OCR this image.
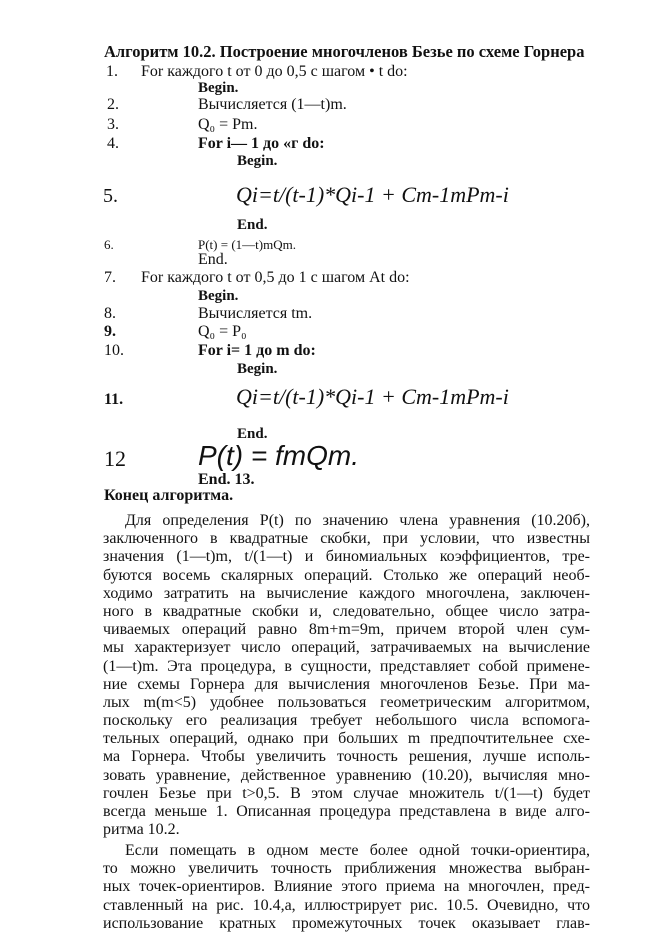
Алгоритм 10.2. Построение многочленов Безье по схеме Горнера
1. For каждого t от 0 до 0,5 с шагом • t do:
Begin.
2.	Вычисляется (1—t)m.
3.	Q₀ = Pm.
4.	For i— 1 до «г do:
Begin.
5.	Qi=t/(t-1)*Qi-1 + Cm-1mPm-i
End.
6.	P(t) = (1—t)mQm.
End.
7. For каждого t от 0,5 до 1 с шагом At do:
Begin.
8.	Вычисляется tm.
9.	Q₀ = P₀
10.	For i= 1 до m do:
Begin.
11.	Qi=t/(t-1)*Qi-1 + Cm-1mPm-i
End.
12	P(t) = fmQm.
End. 13.
Конец алгоритма.
Для определения P(t) по значению члена уравнения (10.20б),
заключенного в квадратные скобки, при условии, что известны
значения (1—t)m, t/(1—t) и биномиальных коэффициентов, тре-
буются восемь скалярных операций. Столько же операций необ-
ходимо затратить на вычисление каждого многочлена, заключен-
ного в квадратные скобки и, следовательно, общее число затра-
чиваемых операций равно 8m+m=9m, причем второй член сум-
мы характеризует число операций, затрачиваемых на вычисление
(1—t)m. Эта процедура, в сущности, представляет собой примене-
ние схемы Горнера для вычисления многочленов Безье. При ма-
лых m(m<5) удобнее пользоваться геометрическим алгоритмом,
поскольку его реализация требует небольшого числа вспомога-
тельных операций, однако при больших m предпочтительнее схе-
ма Горнера. Чтобы увеличить точность решения, лучше исполь-
зовать уравнение, действенное уравнению (10.20), вычисляя мно-
гочлен Безье при t>0,5. В этом случае множитель t/(1—t) будет
всегда меньше 1. Описанная процедура представлена в виде алго-
ритма 10.2.
Если помещать в одном месте более одной точки-ориентира,
то можно увеличить точность приближения множества выбран-
ных точек-ориентиров. Влияние этого приема на многочлен, пред-
ставленный на рис. 10.4,а, иллюстрирует рис. 10.5. Очевидно, что
использование кратных промежуточных точек оказывает глав-
